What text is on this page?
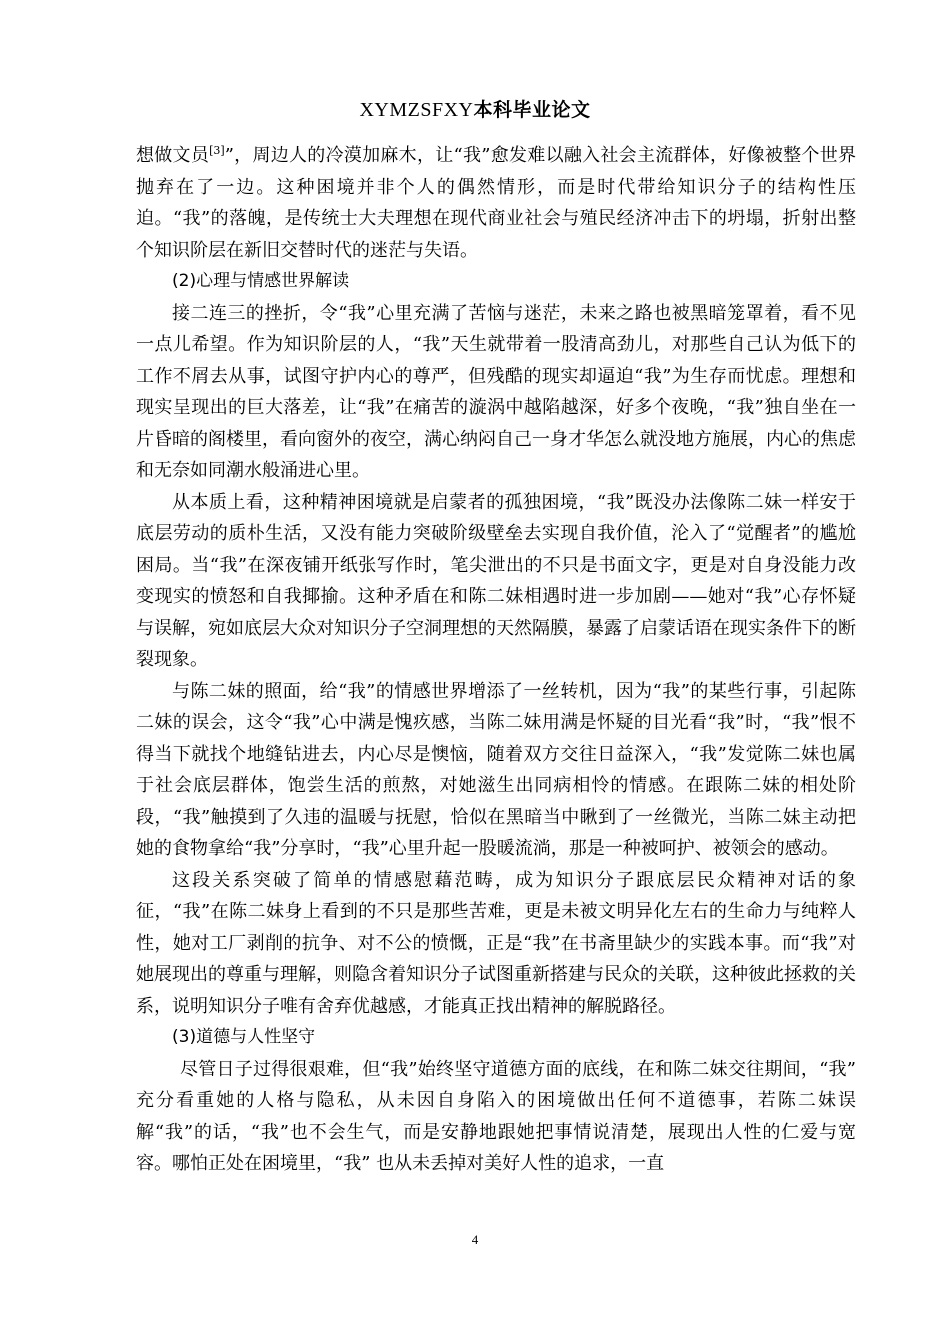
XYMZSFXY本科毕业论文

想做文员[3]”，周边人的冷漠加麻木，让“我”愈发难以融入社会主流群体，好像被整个世界抛弃在了一边。这种困境并非个人的偶然情形，而是时代带给知识分子的结构性压迫。“我”的落魄，是传统士大夫理想在现代商业社会与殖民经济冲击下的坍塌，折射出整个知识阶层在新旧交替时代的迷茫与失语。

(2)心理与情感世界解读

接二连三的挫折，令“我”心里充满了苦恼与迷茫，未来之路也被黑暗笼罩着，看不见一点儿希望。作为知识阶层的人，“我”天生就带着一股清高劲儿，对那些自己认为低下的工作不屑去从事，试图守护内心的尊严，但残酷的现实却逼迫“我”为生存而忧虑。理想和现实呈现出的巨大落差，让“我”在痛苦的漩涡中越陷越深，好多个夜晚，“我”独自坐在一片昏暗的阁楼里，看向窗外的夜空，满心纳闷自己一身才华怎么就没地方施展，内心的焦虑和无奈如同潮水般涌进心里。

从本质上看，这种精神困境就是启蒙者的孤独困境，“我”既没办法像陈二妹一样安于底层劳动的质朴生活，又没有能力突破阶级壁垒去实现自我价值，沦入了“觉醒者”的尴尬困局。当“我”在深夜铺开纸张写作时，笔尖泄出的不只是书面文字，更是对自身没能力改变现实的愤怒和自我揶揄。这种矛盾在和陈二妹相遇时进一步加剧——她对“我”心存怀疑与误解，宛如底层大众对知识分子空洞理想的天然隔膜，暴露了启蒙话语在现实条件下的断裂现象。

与陈二妹的照面，给“我”的情感世界增添了一丝转机，因为“我”的某些行事，引起陈二妹的误会，这令“我”心中满是愧疚感，当陈二妹用满是怀疑的目光看“我”时，“我”恨不得当下就找个地缝钻进去，内心尽是懊恼，随着双方交往日益深入，“我”发觉陈二妹也属于社会底层群体，饱尝生活的煎熬，对她滋生出同病相怜的情感。在跟陈二妹的相处阶段，“我”触摸到了久违的温暖与抚慰，恰似在黑暗当中瞅到了一丝微光，当陈二妹主动把她的食物拿给“我”分享时，“我”心里升起一股暖流淌，那是一种被呵护、被领会的感动。

这段关系突破了简单的情感慰藉范畴，成为知识分子跟底层民众精神对话的象征，“我”在陈二妹身上看到的不只是那些苦难，更是未被文明异化左右的生命力与纯粹人性，她对工厂剥削的抗争、对不公的愤慨，正是“我”在书斋里缺少的实践本事。而“我”对她展现出的尊重与理解，则隐含着知识分子试图重新搭建与民众的关联，这种彼此拯救的关系，说明知识分子唯有舍弃优越感，才能真正找出精神的解脱路径。

(3)道德与人性坚守

尽管日子过得很艰难，但“我”始终坚守道德方面的底线，在和陈二妹交往期间，“我” 充分看重她的人格与隐私，从未因自身陷入的困境做出任何不道德事，若陈二妹误解“我”的话，“我”也不会生气，而是安静地跟她把事情说清楚，展现出人性的仁爱与宽容。哪怕正处在困境里，“我” 也从未丢掉对美好人性的追求，一直

4
